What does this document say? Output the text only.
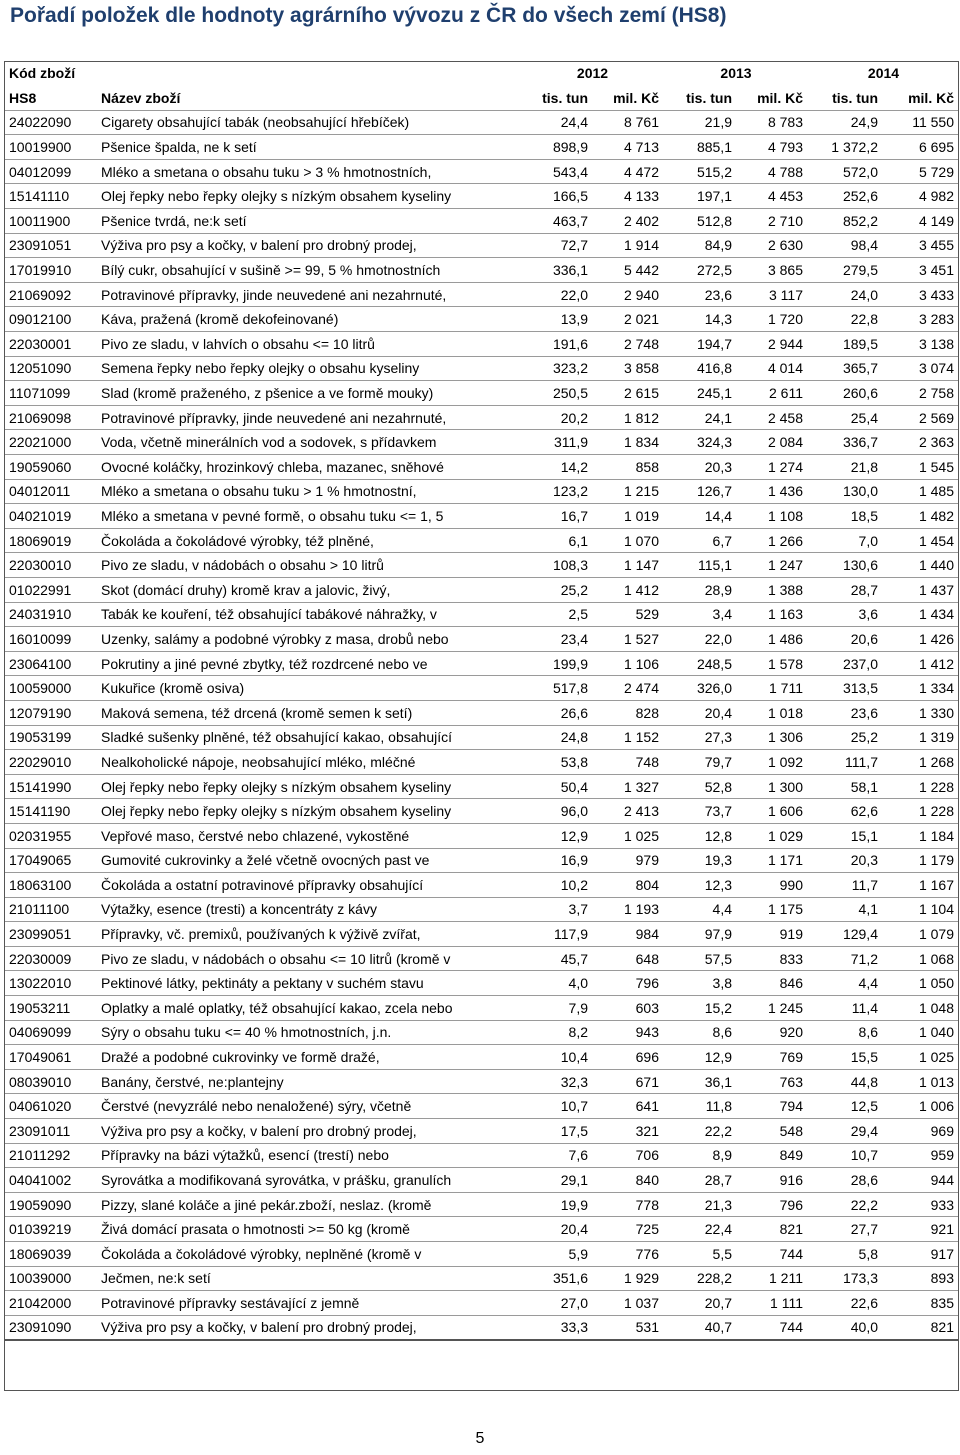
Pořadí položek dle hodnoty agrárního vývozu z ČR do všech zemí (HS8)
Kód zboží		2012		2013		2014	
HS8	Název zboží	tis. tun	mil. Kč	tis. tun	mil. Kč	tis. tun	mil. Kč
24022090	Cigarety obsahující tabák (neobsahující hřebíček)	24,4	8 761	21,9	8 783	24,9	11 550
10019900	Pšenice špalda, ne k setí	898,9	4 713	885,1	4 793	1 372,2	6 695
04012099	Mléko a smetana o obsahu tuku > 3 % hmotnostních,	543,4	4 472	515,2	4 788	572,0	5 729
15141110	Olej řepky nebo řepky olejky s nízkým obsahem kyseliny	166,5	4 133	197,1	4 453	252,6	4 982
10011900	Pšenice tvrdá, ne:k setí	463,7	2 402	512,8	2 710	852,2	4 149
23091051	Výživa pro psy a kočky, v balení pro drobný prodej,	72,7	1 914	84,9	2 630	98,4	3 455
17019910	Bílý cukr, obsahující v sušině >= 99, 5 % hmotnostních	336,1	5 442	272,5	3 865	279,5	3 451
21069092	Potravinové přípravky, jinde neuvedené ani nezahrnuté,	22,0	2 940	23,6	3 117	24,0	3 433
09012100	Káva, pražená (kromě dekofeinované)	13,9	2 021	14,3	1 720	22,8	3 283
22030001	Pivo ze sladu, v lahvích o obsahu <= 10 litrů	191,6	2 748	194,7	2 944	189,5	3 138
12051090	Semena řepky nebo řepky olejky o obsahu kyseliny	323,2	3 858	416,8	4 014	365,7	3 074
11071099	Slad (kromě praženého, z pšenice a ve formě mouky)	250,5	2 615	245,1	2 611	260,6	2 758
21069098	Potravinové přípravky, jinde neuvedené ani nezahrnuté,	20,2	1 812	24,1	2 458	25,4	2 569
22021000	Voda, včetně minerálních vod a sodovek, s přídavkem	311,9	1 834	324,3	2 084	336,7	2 363
19059060	Ovocné koláčky, hrozinkový chleba, mazanec, sněhové	14,2	858	20,3	1 274	21,8	1 545
04012011	Mléko a smetana o obsahu tuku > 1 % hmotnostní,	123,2	1 215	126,7	1 436	130,0	1 485
04021019	Mléko a smetana v pevné formě, o obsahu tuku <= 1, 5	16,7	1 019	14,4	1 108	18,5	1 482
18069019	Čokoláda a čokoládové výrobky, též plněné,	6,1	1 070	6,7	1 266	7,0	1 454
22030010	Pivo ze sladu, v nádobách o obsahu > 10 litrů	108,3	1 147	115,1	1 247	130,6	1 440
01022991	Skot (domácí druhy) kromě krav a jalovic, živý,	25,2	1 412	28,9	1 388	28,7	1 437
24031910	Tabák ke kouření, též obsahující tabákové náhražky, v	2,5	529	3,4	1 163	3,6	1 434
16010099	Uzenky, salámy a podobné výrobky z masa, drobů nebo	23,4	1 527	22,0	1 486	20,6	1 426
23064100	Pokrutiny a jiné pevné zbytky, též rozdrcené nebo ve	199,9	1 106	248,5	1 578	237,0	1 412
10059000	Kukuřice (kromě osiva)	517,8	2 474	326,0	1 711	313,5	1 334
12079190	Maková semena, též drcená (kromě semen k setí)	26,6	828	20,4	1 018	23,6	1 330
19053199	Sladké sušenky plněné, též obsahující kakao, obsahující	24,8	1 152	27,3	1 306	25,2	1 319
22029010	Nealkoholické nápoje, neobsahující mléko, mléčné	53,8	748	79,7	1 092	111,7	1 268
15141990	Olej řepky nebo řepky olejky s nízkým obsahem kyseliny	50,4	1 327	52,8	1 300	58,1	1 228
15141190	Olej řepky nebo řepky olejky s nízkým obsahem kyseliny	96,0	2 413	73,7	1 606	62,6	1 228
02031955	Vepřové maso, čerstvé nebo chlazené, vykostěné	12,9	1 025	12,8	1 029	15,1	1 184
17049065	Gumovité cukrovinky a želé včetně ovocných past ve	16,9	979	19,3	1 171	20,3	1 179
18063100	Čokoláda a ostatní potravinové přípravky obsahující	10,2	804	12,3	990	11,7	1 167
21011100	Výtažky, esence (tresti) a koncentráty z kávy	3,7	1 193	4,4	1 175	4,1	1 104
23099051	Přípravky, vč. premixů, používaných k výživě zvířat,	117,9	984	97,9	919	129,4	1 079
22030009	Pivo ze sladu, v nádobách o obsahu <= 10 litrů (kromě v	45,7	648	57,5	833	71,2	1 068
13022010	Pektinové látky, pektináty a pektany v suchém stavu	4,0	796	3,8	846	4,4	1 050
19053211	Oplatky a malé oplatky, též obsahující kakao, zcela nebo	7,9	603	15,2	1 245	11,4	1 048
04069099	Sýry o obsahu tuku <= 40 % hmotnostních, j.n.	8,2	943	8,6	920	8,6	1 040
17049061	Dražé a podobné cukrovinky ve formě dražé,	10,4	696	12,9	769	15,5	1 025
08039010	Banány, čerstvé, ne:plantejny	32,3	671	36,1	763	44,8	1 013
04061020	Čerstvé (nevyzrálé nebo nenaložené) sýry, včetně	10,7	641	11,8	794	12,5	1 006
23091011	Výživa pro psy a kočky, v balení pro drobný prodej,	17,5	321	22,2	548	29,4	969
21011292	Přípravky na bázi výtažků, esencí (trestí) nebo	7,6	706	8,9	849	10,7	959
04041002	Syrovátka a modifikovaná syrovátka, v prášku, granulích	29,1	840	28,7	916	28,6	944
19059090	Pizzy, slané koláče a jiné pekár.zboží, neslaz. (kromě	19,9	778	21,3	796	22,2	933
01039219	Živá domácí prasata o hmotnosti >= 50 kg (kromě	20,4	725	22,4	821	27,7	921
18069039	Čokoláda a čokoládové výrobky, neplněné (kromě v	5,9	776	5,5	744	5,8	917
10039000	Ječmen, ne:k setí	351,6	1 929	228,2	1 211	173,3	893
21042000	Potravinové přípravky sestávající z jemně	27,0	1 037	20,7	1 111	22,6	835
23091090	Výživa pro psy a kočky, v balení pro drobný prodej,	33,3	531	40,7	744	40,0	821
5
